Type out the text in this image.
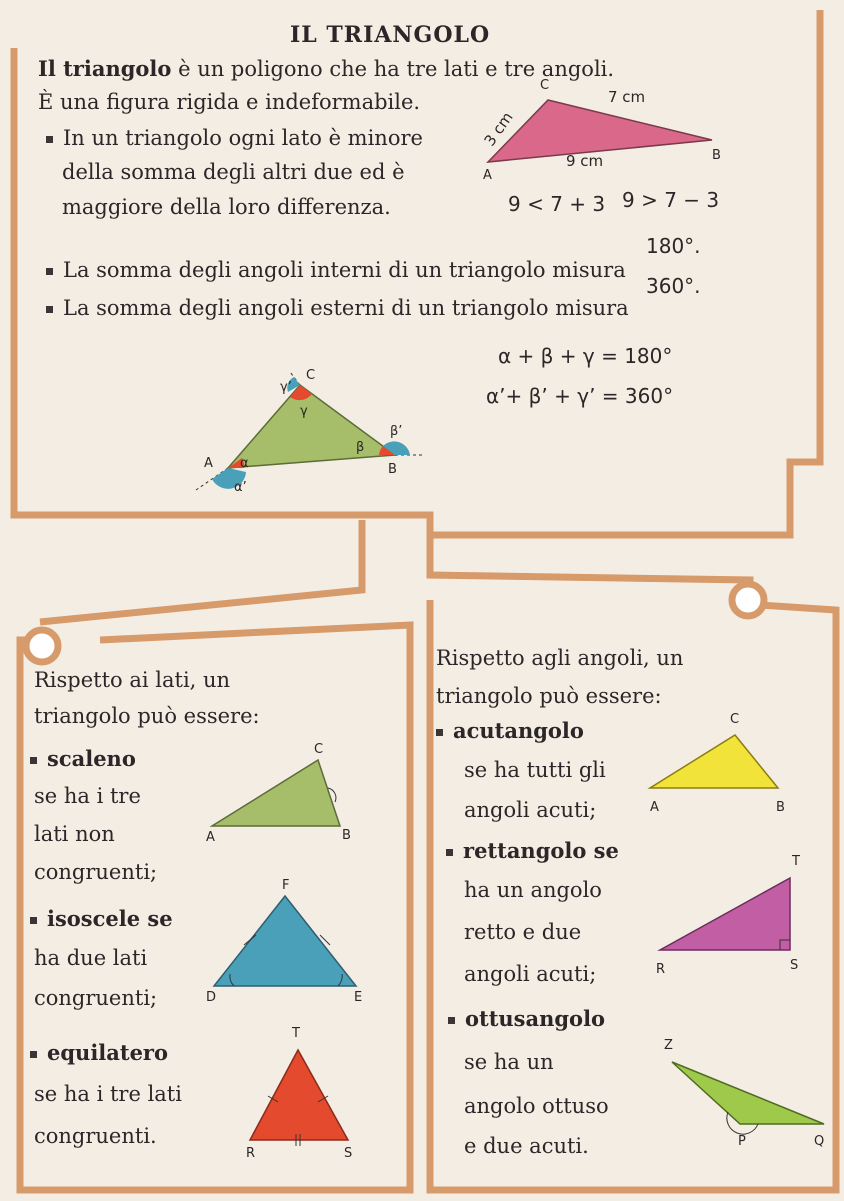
IL TRIANGOLO
Il triangolo è un poligono che ha tre lati e tre angoli.
È una figura rigida e indeformabile.
In un triangolo ogni lato è minore
della somma degli altri due ed è
maggiore della loro differenza.
C
A
B
3 cm
7 cm
9 cm
9 < 7 + 3 9 > 7 − 3
La somma degli angoli interni di un triangolo misura
180°.
La somma degli angoli esterni di un triangolo misura
360°.
α + β + γ = 180°
α’+ β’ + γ’ = 360°
C
A	B
γ’
γ
α
α’
β
β’
Rispetto ai lati, un
triangolo può essere:
scaleno
se ha i tre
lati non
congruenti;
isoscele se
ha due lati
congruenti;
equilatero
se ha i tre lati
congruenti.
A	B
C
D	E
F
R	S
T
Rispetto agli angoli, un
triangolo può essere:
acutangolo
se ha tutti gli
angoli acuti;
rettangolo se
ha un angolo
retto e due
angoli acuti;
ottusangolo
se ha un
angolo ottuso
e due acuti.
A	B
C
R	S
T
P	Q
Z
